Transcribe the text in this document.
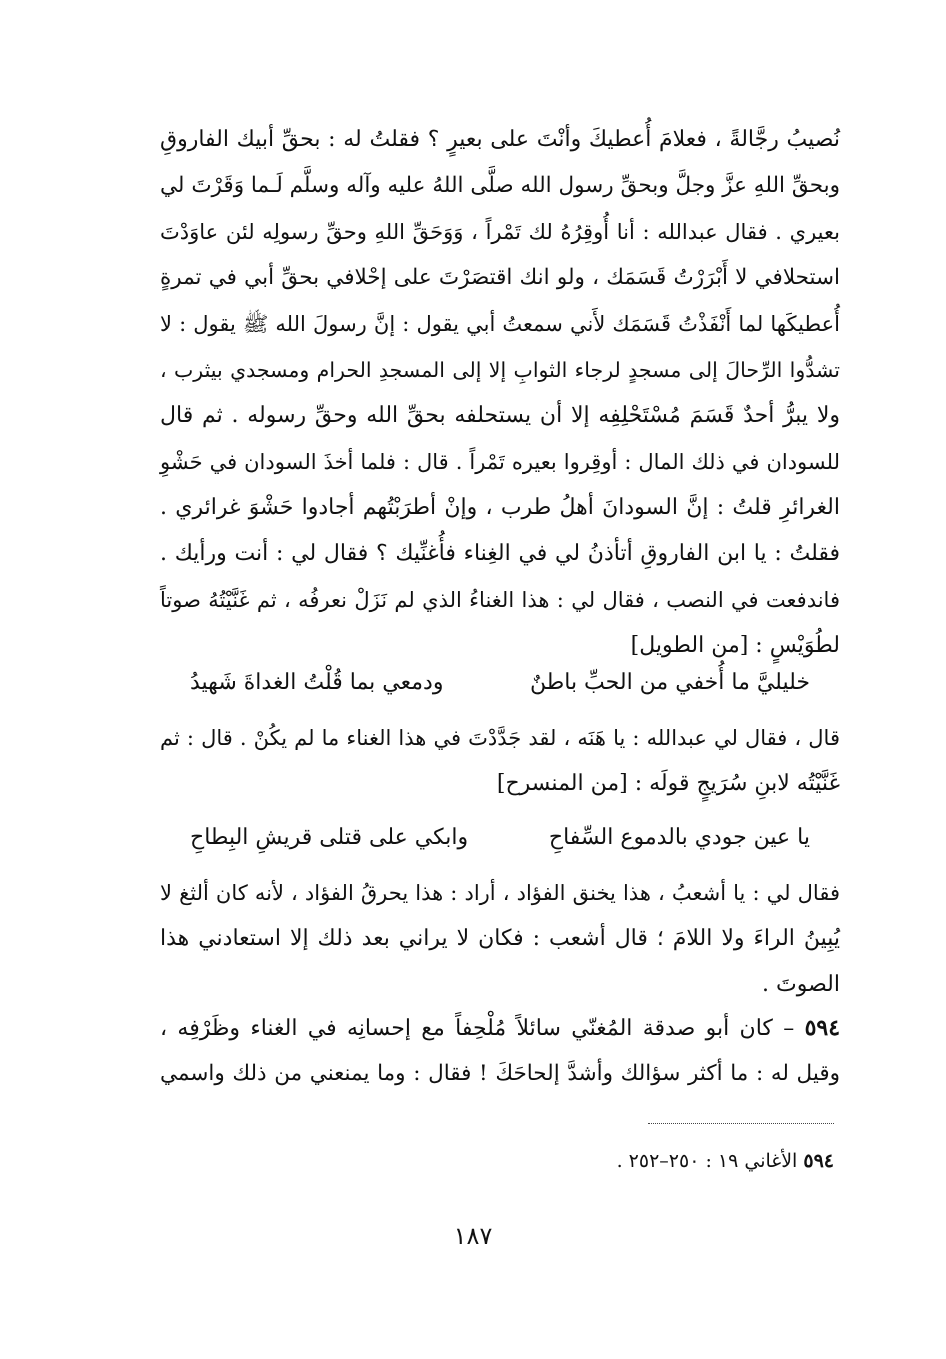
نُصيبُ رجَّالةً ، فعلامَ أُعطيكَ وأنْتَ على بعيرٍ ؟ فقلتُ له : بحقِّ أبيك الفاروقِ
وبحقِّ اللهِ عزَّ وجلَّ وبحقِّ رسول الله صلَّى اللهُ عليه وآله وسلَّم لَـما وَقَرْتَ لي
بعيري . فقال عبدالله : أنا أُوقِرُهُ لك تَمْراً ، وَوَحَقِّ اللهِ وحقِّ رسولِه لئن عاوَدْتَ
استحلافي لا أَبْرَرْتُ قَسَمَك ، ولو انك اقتصَرْتَ على إحْلافي بحقِّ أبي في تمرةٍ
أُعطيكَها لما أَنْفَذْتُ قَسَمَك لأَني سمعتُ أبي يقول : إنَّ رسولَ الله ﷺ يقول : لا
تشدُّوا الرِّحالَ إلى مسجدٍ لرجاء الثوابِ إلا إلى المسجدِ الحرام ومسجدي بيثرب ،
ولا يبرُّ أحدٌ قَسَمَ مُسْتَحْلِفِه إلا أن يستحلفه بحقِّ الله وحقِّ رسوله . ثم قال
للسودان في ذلك المال : أوقِروا بعيره تَمْراً . قال : فلما أخذَ السودان في حَشْوِ
الغرائرِ قلتُ : إنَّ السودانَ أهلُ طرب ، وإنْ أطرَبْتُهم أجادوا حَشْوَ غرائري .
فقلتُ : يا ابن الفاروقِ أتأذنُ لي في الغِناء فأُغنِّيك ؟ فقال لي : أنت ورأيك .
فاندفعت في النصب ، فقال لي : هذا الغناءُ الذي لم نَزَلْ نعرفُه ، ثم غَنَّيْتُهُ صوتاً
لطُوَيْسٍ : [من الطويل]
خليليَّ ما أُخفي من الحبِّ باطنٌ
ودمعي بما قُلْتُ الغداةَ شَهيدُ
قال ، فقال لي عبدالله : يا هَنَه ، لقد جَدَّدْتَ في هذا الغناء ما لم يكُنْ . قال : ثم
غَنَّيْتُه لابنِ سُرَيجٍ قولَه : [من المنسرح]
يا عين جودي بالدموع السِّفاحِ
وابكي على قتلى قريشِ البِطاحِ
فقال لي : يا أشعبُ ، هذا يخنق الفؤاد ، أراد : هذا يحرقُ الفؤاد ، لأنه كان ألثغ لا
يُبِينُ الراءَ ولا اللامَ ؛ قال أشعب : فكان لا يراني بعد ذلك إلا استعادني هذا
الصوتَ .
٥٩٤ – كان أبو صدقة المُغنّي سائلاً مُلْحِفاً مع إحسانِه في الغناء وظَرْفِه ،
وقيل له : ما أكثر سؤالك وأشدَّ إلحاحَكَ ! فقال : وما يمنعني من ذلك واسمي
٥٩٤ الأغاني ١٩ : ٢٥٠–٢٥٢ .
١٨٧
